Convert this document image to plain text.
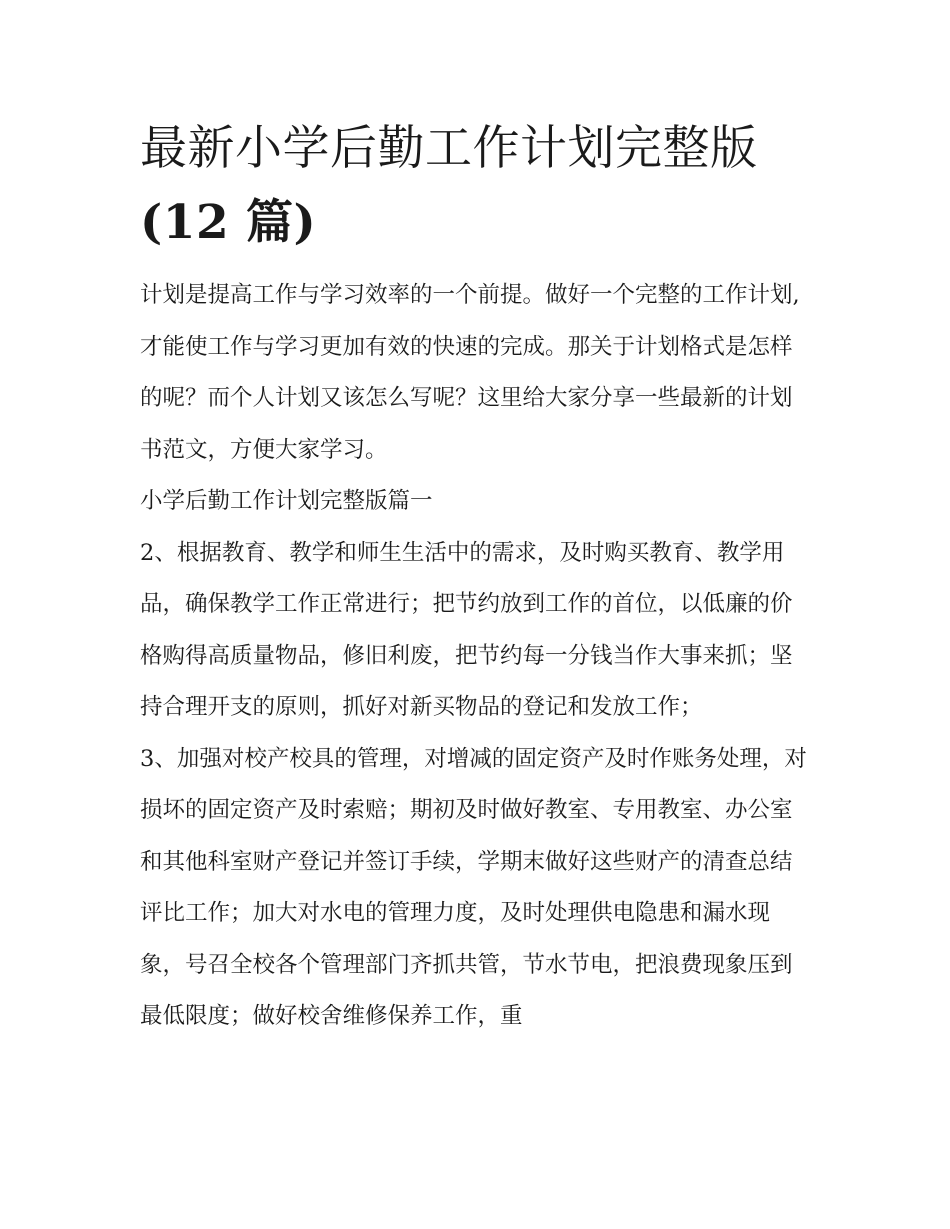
最新小学后勤工作计划完整版(12 篇)

计划是提高工作与学习效率的一个前提。做好一个完整的工作计划,才能使工作与学习更加有效的快速的完成。那关于计划格式是怎样的呢？而个人计划又该怎么写呢？这里给大家分享一些最新的计划书范文，方便大家学习。

小学后勤工作计划完整版篇一

2、根据教育、教学和师生生活中的需求，及时购买教育、教学用品，确保教学工作正常进行；把节约放到工作的首位，以低廉的价格购得高质量物品，修旧利废，把节约每一分钱当作大事来抓；坚持合理开支的原则，抓好对新买物品的登记和发放工作；

3、加强对校产校具的管理，对增减的固定资产及时作账务处理，对损坏的固定资产及时索赔；期初及时做好教室、专用教室、办公室和其他科室财产登记并签订手续，学期末做好这些财产的清查总结评比工作；加大对水电的管理力度，及时处理供电隐患和漏水现象，号召全校各个管理部门齐抓共管，节水节电，把浪费现象压到最低限度；做好校舍维修保养工作，重
